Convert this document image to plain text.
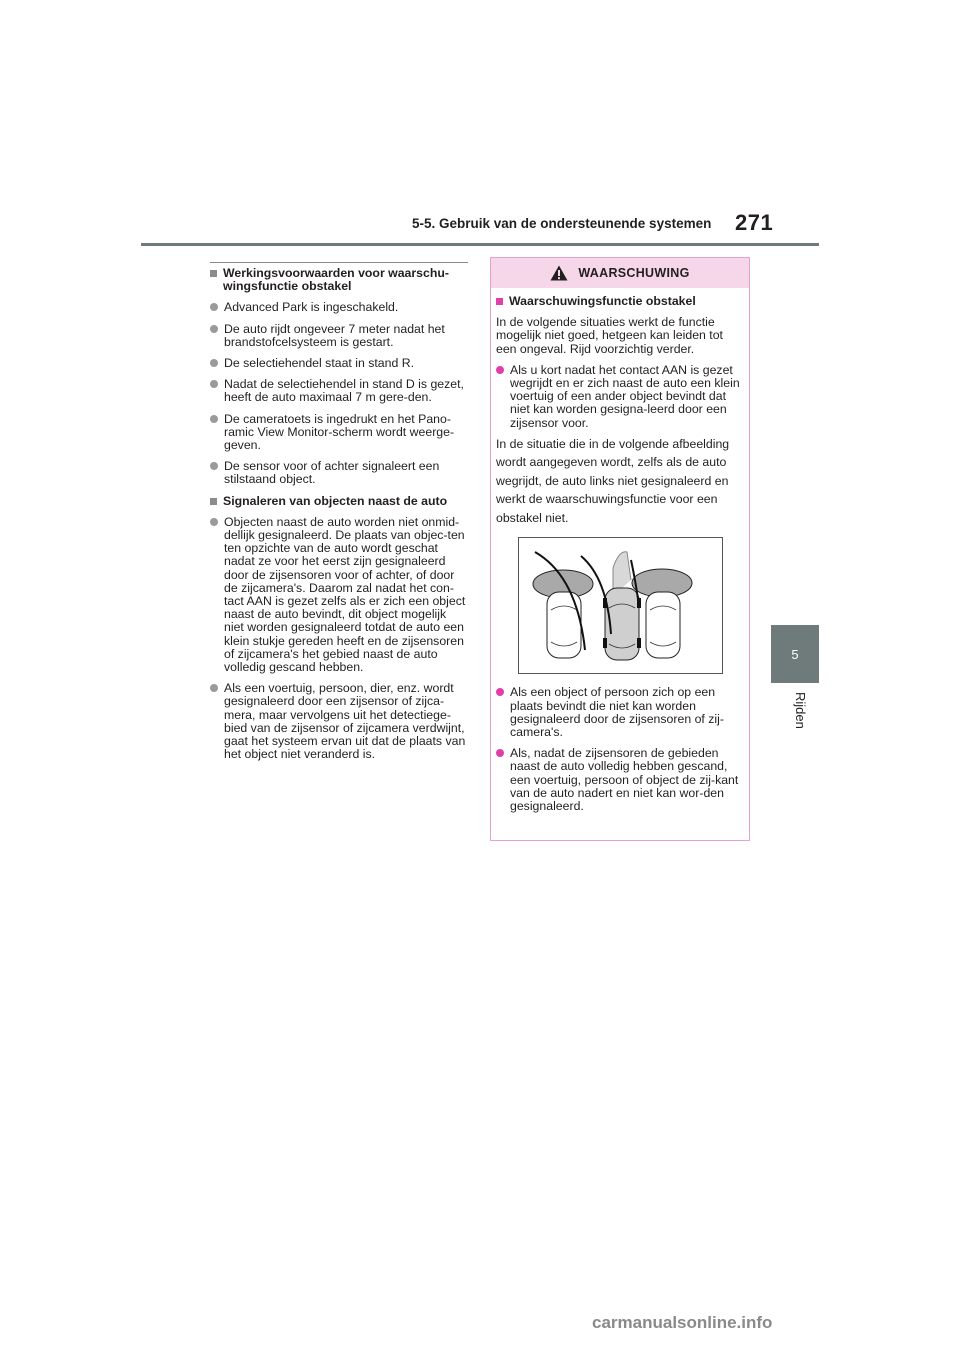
5-5. Gebruik van de ondersteunende systemen 271
5
Rijden
Werkingsvoorwaarden voor waarschu-wingsfunctie obstakel
Advanced Park is ingeschakeld.
De auto rijdt ongeveer 7 meter nadat het brandstofcelsysteem is gestart.
De selectiehendel staat in stand R.
Nadat de selectiehendel in stand D is gezet, heeft de auto maximaal 7 m gere-den.
De cameratoets is ingedrukt en het Pano-ramic View Monitor-scherm wordt weerge-geven.
De sensor voor of achter signaleert een stilstaand object.
Signaleren van objecten naast de auto
Objecten naast de auto worden niet onmid-dellijk gesignaleerd. De plaats van objec-ten ten opzichte van de auto wordt geschat nadat ze voor het eerst zijn gesignaleerd door de zijsensoren voor of achter, of door de zijcamera's. Daarom zal nadat het con-tact AAN is gezet zelfs als er zich een object naast de auto bevindt, dit object mogelijk niet worden gesignaleerd totdat de auto een klein stukje gereden heeft en de zijsensoren of zijcamera's het gebied naast de auto volledig gescand hebben.
Als een voertuig, persoon, dier, enz. wordt gesignaleerd door een zijsensor of zijca-mera, maar vervolgens uit het detectiege-bied van de zijsensor of zijcamera verdwijnt, gaat het systeem ervan uit dat de plaats van het object niet veranderd is.
WAARSCHUWING
Waarschuwingsfunctie obstakel
In de volgende situaties werkt de functie mogelijk niet goed, hetgeen kan leiden tot een ongeval. Rijd voorzichtig verder.
Als u kort nadat het contact AAN is gezet wegrijdt en er zich naast de auto een klein voertuig of een ander object bevindt dat niet kan worden gesigna-leerd door een zijsensor voor.
In de situatie die in de volgende afbeelding wordt aangegeven wordt, zelfs als de auto wegrijdt, de auto links niet gesignaleerd en werkt de waarschuwingsfunctie voor een obstakel niet.
Als een object of persoon zich op een plaats bevindt die niet kan worden gesignaleerd door de zijsensoren of zij-camera's.
Als, nadat de zijsensoren de gebieden naast de auto volledig hebben gescand, een voertuig, persoon of object de zij-kant van de auto nadert en niet kan wor-den gesignaleerd.
carmanualsonline.info
